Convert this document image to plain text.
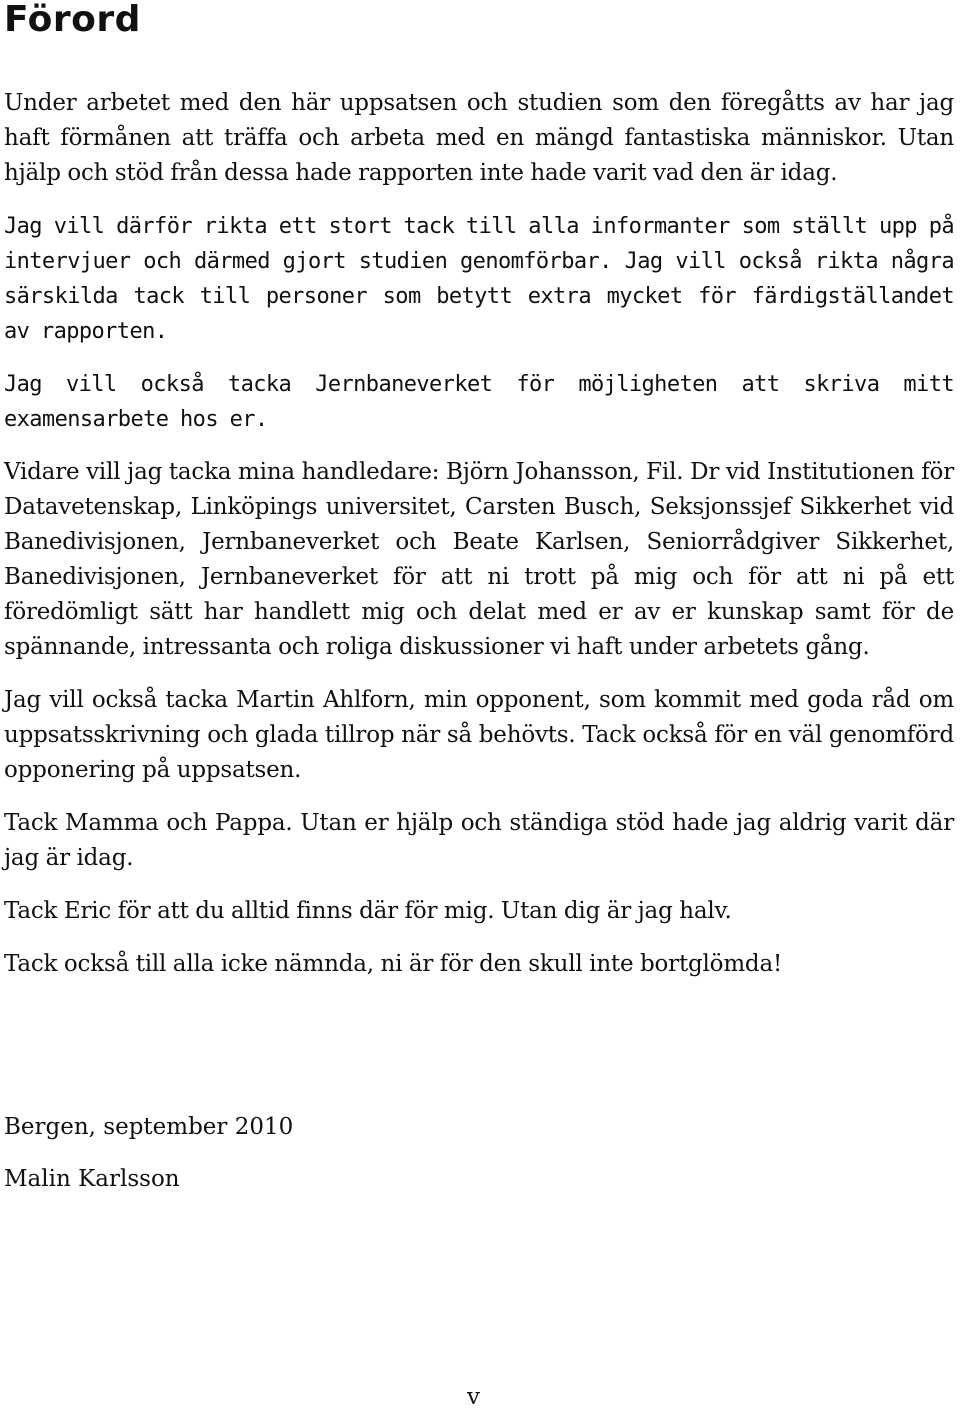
Förord

Under arbetet med den här uppsatsen och studien som den föregåtts av har jag haft förmånen att träffa och arbeta med en mängd fantastiska människor. Utan hjälp och stöd från dessa hade rapporten inte hade varit vad den är idag.

Jag vill därför rikta ett stort tack till alla informanter som ställt upp på intervjuer och därmed gjort studien genomförbar. Jag vill också rikta några särskilda tack till personer som betytt extra mycket för färdigställandet av rapporten.

Jag vill också tacka Jernbaneverket för möjligheten att skriva mitt examensarbete hos er.

Vidare vill jag tacka mina handledare: Björn Johansson, Fil. Dr vid Institutionen för Datavetenskap, Linköpings universitet, Carsten Busch, Seksjonssjef Sikkerhet vid Banedivisjonen, Jernbaneverket och Beate Karlsen, Seniorrådgiver Sikkerhet, Banedivisjonen, Jernbaneverket för att ni trott på mig och för att ni på ett föredömligt sätt har handlett mig och delat med er av er kunskap samt för de spännande, intressanta och roliga diskussioner vi haft under arbetets gång.

Jag vill också tacka Martin Ahlforn, min opponent, som kommit med goda råd om uppsatsskrivning och glada tillrop när så behövts. Tack också för en väl genomförd opponering på uppsatsen.

Tack Mamma och Pappa. Utan er hjälp och ständiga stöd hade jag aldrig varit där jag är idag.

Tack Eric för att du alltid finns där för mig. Utan dig är jag halv.

Tack också till alla icke nämnda, ni är för den skull inte bortglömda!

Bergen, september 2010

Malin Karlsson

v
